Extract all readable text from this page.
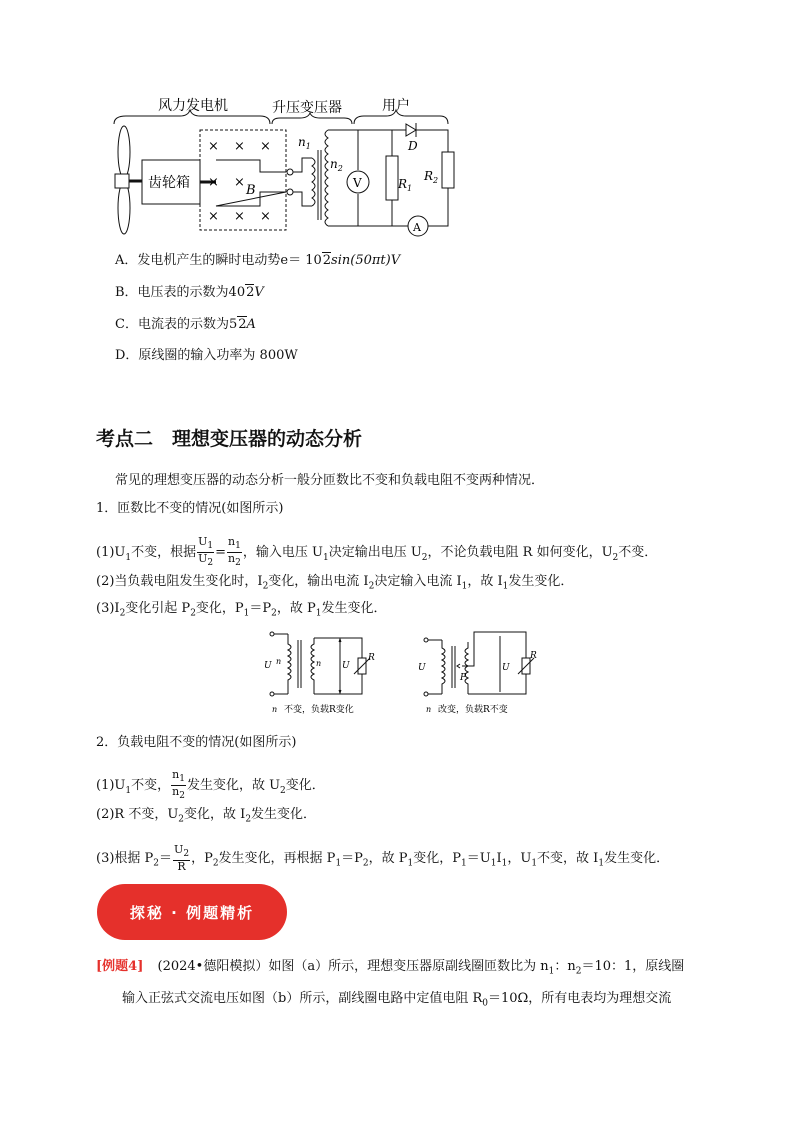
风力发电机	升压变压器	用户
齿轮箱
× × ×
× ×
× × ×
B
$n_1$
$n_2$
V	$R_1$
D
$R_2$
A
A．发电机产生的瞬时电动势e＝ 102sin(50πt)V
B．电压表的示数为402V
C．电流表的示数为52A
D．原线圈的输入功率为 800W
考点二　理想变压器的动态分析
常见的理想变压器的动态分析一般分匝数比不变和负载电阻不变两种情况．
1．匝数比不变的情况(如图所示)
$(1)U_1$不变，根据 $\frac{U_1}{U_2} = \frac{n_1}{n_2}$ ，输入电压 $U_1$决定输出电压 $U_2$，不论负载电阻 R 如何变化，$U_2$不变．
(2)当负载电阻发生变化时，$I_2$变化，输出电流 $I_2$决定输入电流 $I_1$，故 $I_1$发生变化．
$(3)I_2$变化引起 $P_2$变化，$P_1=P_2$，故 $P_1$发生变化．
U n	n U
R
n 不变，负载R变化
U
P
U
R
n 改变，负载R不变
2．负载电阻不变的情况(如图所示)
$(1)U_1$不变， $\frac{n_1}{n_2}$ 发生变化，故 $U_2$变化．
(2)R 不变，$U_2$变化，故 $I_2$发生变化．
(3)根据 $P_2= \frac{U_2}{R}$ ，$P_2$发生变化，再根据 $P_1=P_2$，故 $P_1$变化，$P_1=U_1I_1$，$U_1$不变，故 $I_1$发生变化．
探秘 · 例题精析
[例题4] (2024•德阳模拟）如图（a）所示，理想变压器原副线圈匝数比为 $n_1$：$n_2=10$：1，原线圈
输入正弦式交流电压如图（b）所示，副线圈电路中定值电阻 $R_0=10\Omega$，所有电表均为理想交流
